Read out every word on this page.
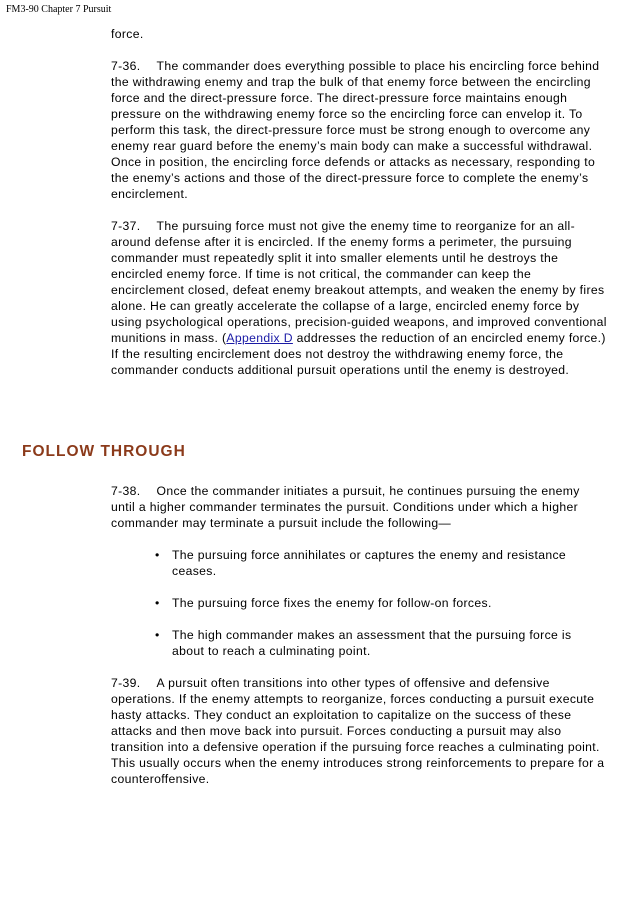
FM3-90 Chapter 7 Pursuit

force.

7-36. The commander does everything possible to place his encircling force behind the withdrawing enemy and trap the bulk of that enemy force between the encircling force and the direct-pressure force. The direct-pressure force maintains enough pressure on the withdrawing enemy force so the encircling force can envelop it. To perform this task, the direct-pressure force must be strong enough to overcome any enemy rear guard before the enemy’s main body can make a successful withdrawal. Once in position, the encircling force defends or attacks as necessary, responding to the enemy’s actions and those of the direct-pressure force to complete the enemy’s encirclement.

7-37. The pursuing force must not give the enemy time to reorganize for an all-around defense after it is encircled. If the enemy forms a perimeter, the pursuing commander must repeatedly split it into smaller elements until he destroys the encircled enemy force. If time is not critical, the commander can keep the encirclement closed, defeat enemy breakout attempts, and weaken the enemy by fires alone. He can greatly accelerate the collapse of a large, encircled enemy force by using psychological operations, precision-guided weapons, and improved conventional munitions in mass. (Appendix D addresses the reduction of an encircled enemy force.) If the resulting encirclement does not destroy the withdrawing enemy force, the commander conducts additional pursuit operations until the enemy is destroyed.

FOLLOW THROUGH

7-38. Once the commander initiates a pursuit, he continues pursuing the enemy until a higher commander terminates the pursuit. Conditions under which a higher commander may terminate a pursuit include the following—

• The pursuing force annihilates or captures the enemy and resistance ceases.
• The pursuing force fixes the enemy for follow-on forces.
• The high commander makes an assessment that the pursuing force is about to reach a culminating point.

7-39. A pursuit often transitions into other types of offensive and defensive operations. If the enemy attempts to reorganize, forces conducting a pursuit execute hasty attacks. They conduct an exploitation to capitalize on the success of these attacks and then move back into pursuit. Forces conducting a pursuit may also transition into a defensive operation if the pursuing force reaches a culminating point. This usually occurs when the enemy introduces strong reinforcements to prepare for a counteroffensive.
